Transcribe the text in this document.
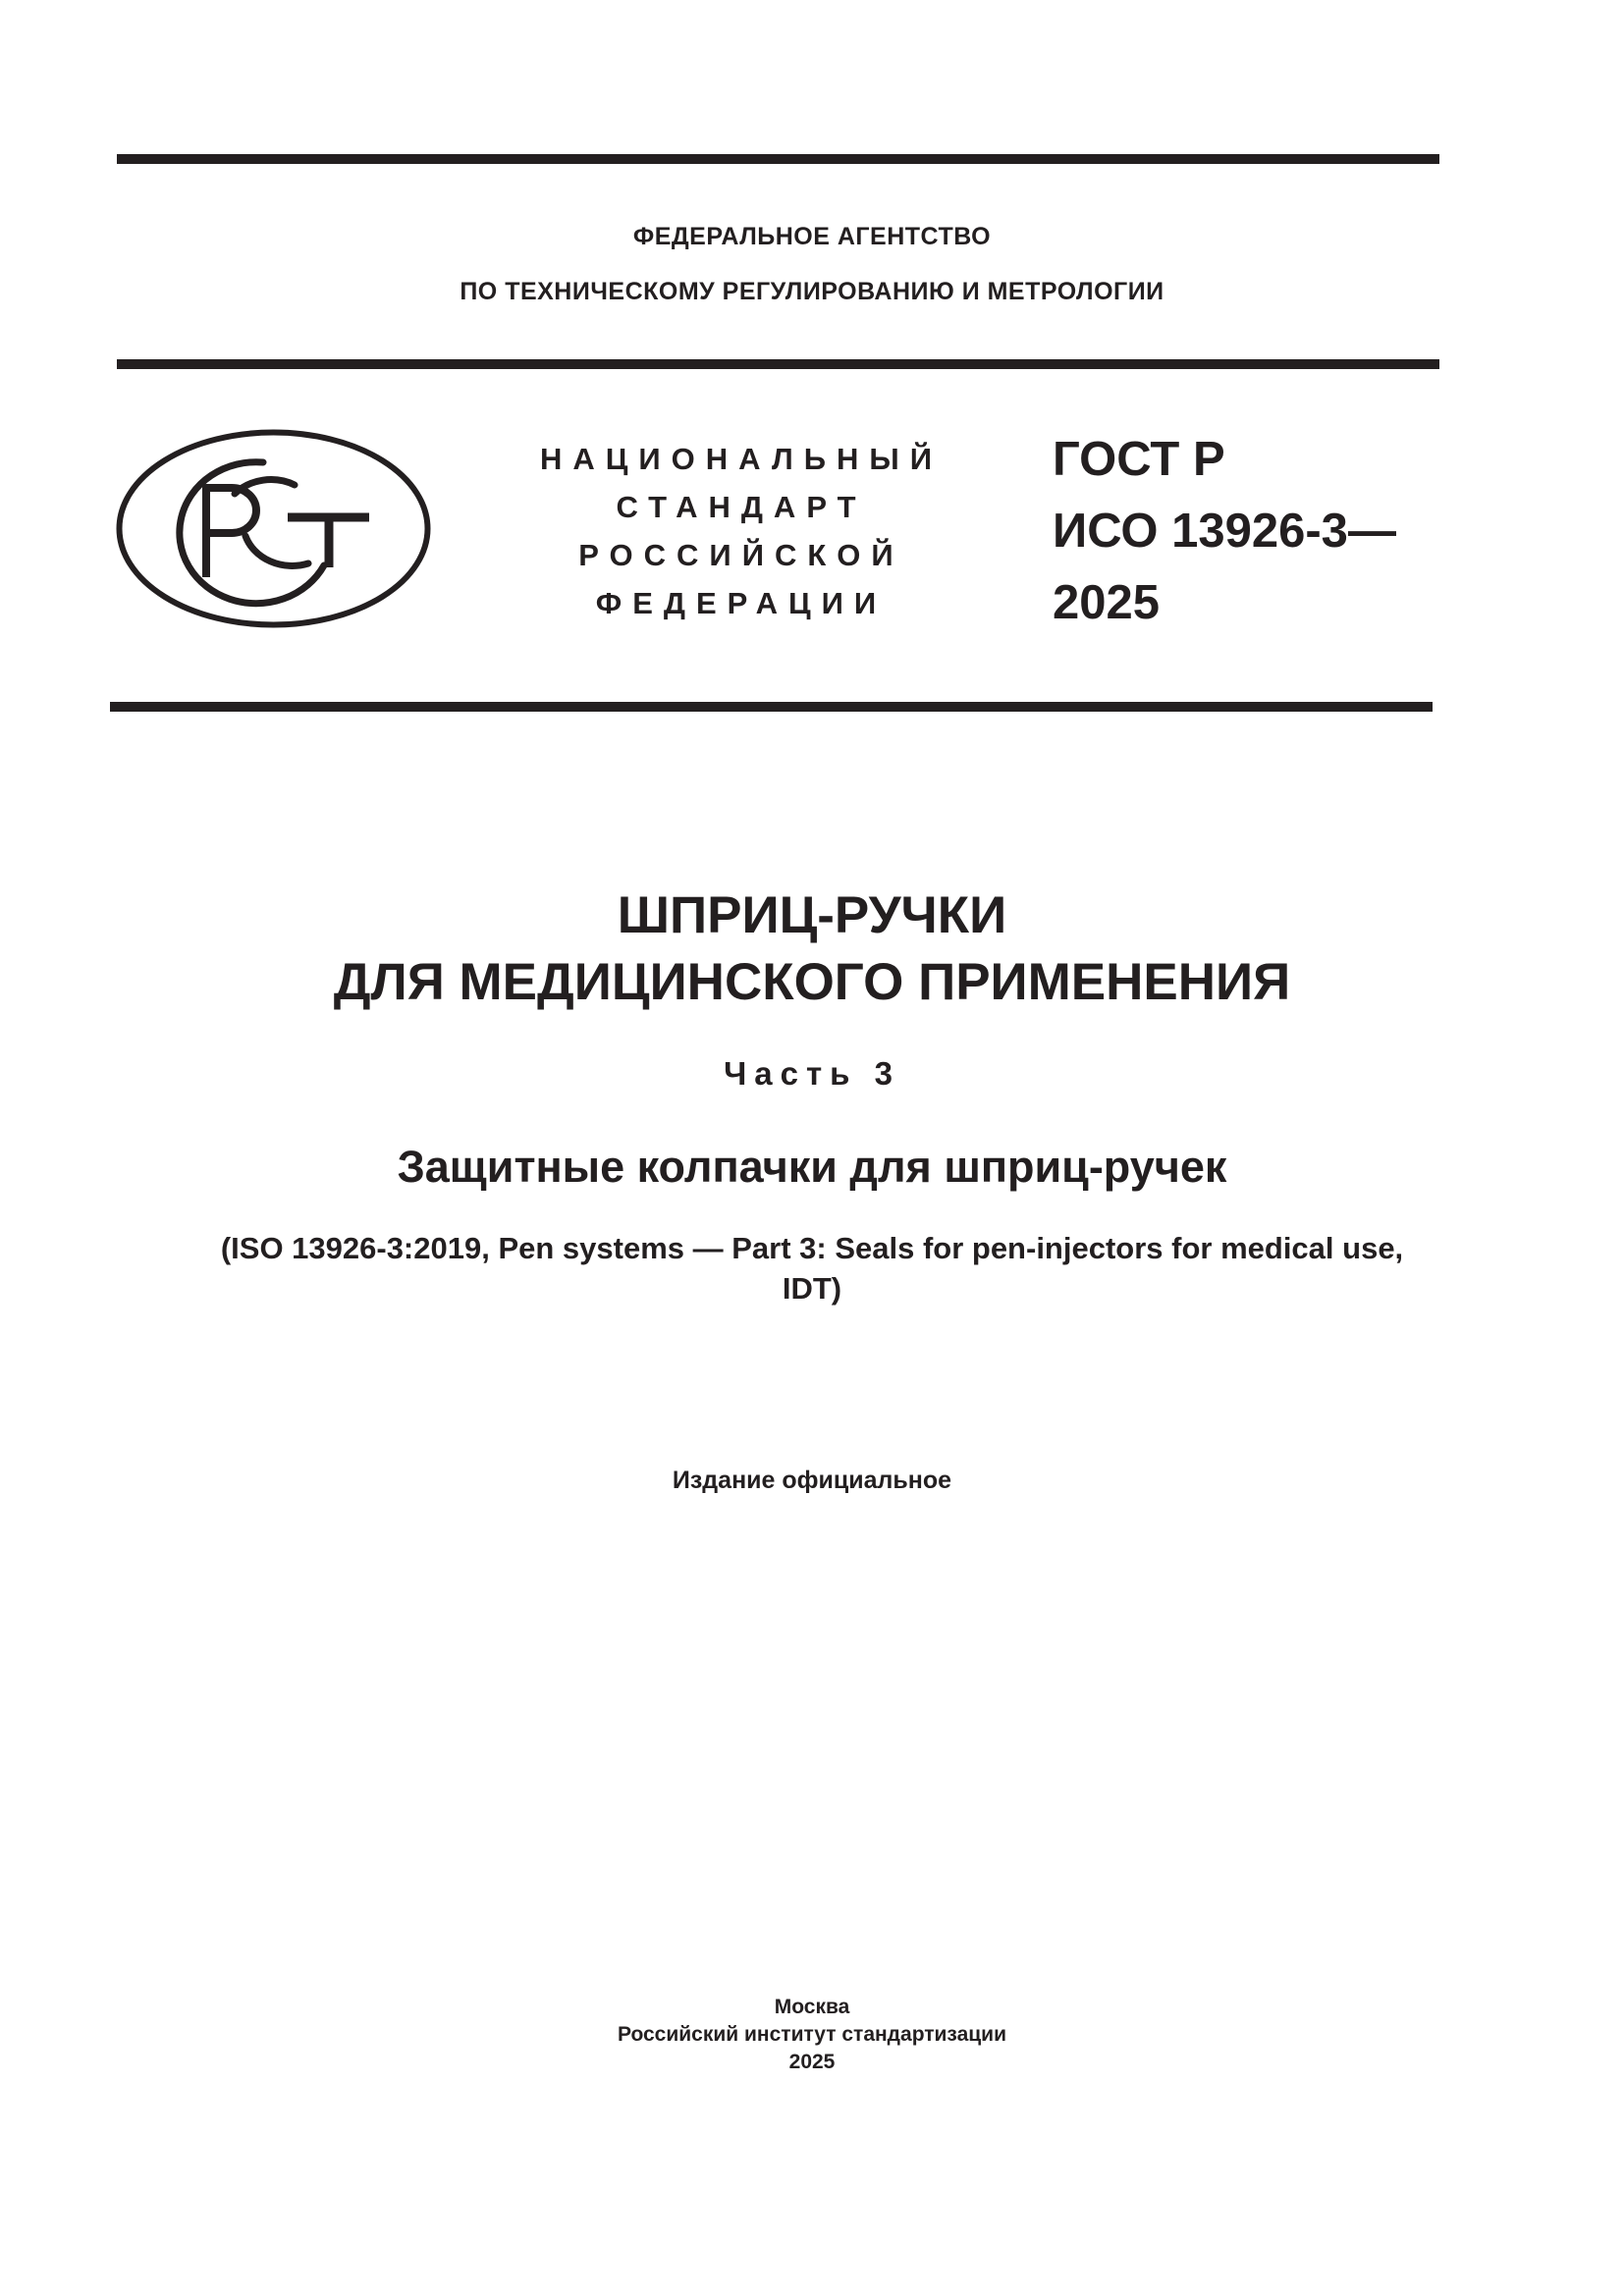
ФЕДЕРАЛЬНОЕ АГЕНТСТВО
ПО ТЕХНИЧЕСКОМУ РЕГУЛИРОВАНИЮ И МЕТРОЛОГИИ
НАЦИОНАЛЬНЫЙ
СТАНДАРТ
РОССИЙСКОЙ
ФЕДЕРАЦИИ
ГОСТ Р
ИСО 13926-3—
2025
ШПРИЦ-РУЧКИ
ДЛЯ МЕДИЦИНСКОГО ПРИМЕНЕНИЯ
Часть 3
Защитные колпачки для шприц-ручек
(ISO 13926-3:2019, Pen systems — Part 3: Seals for pen-injectors for medical use,
IDT)
Издание официальное
Москва
Российский институт стандартизации
2025
